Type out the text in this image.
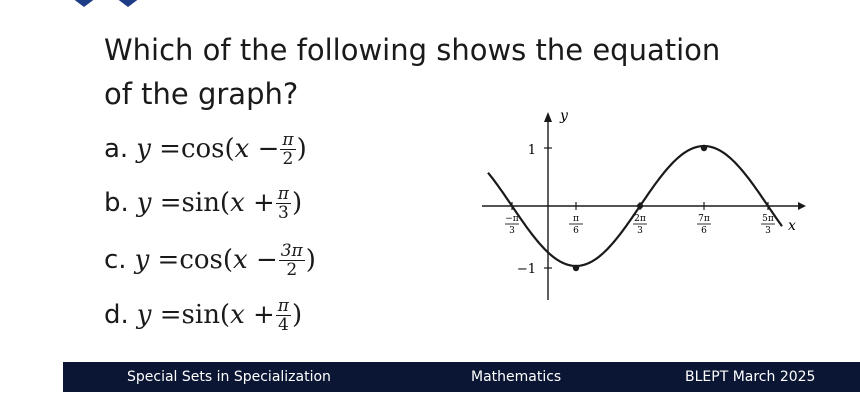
Which of the following shows the equation
of the graph?
a. y = cos( $x - \frac{\pi}{2}$ )
b. y = sin( $x + \frac{\pi}{3}$ )
c. y = cos( $x - \frac{3\pi}{2}$ )
d. y = sin( $x + \frac{\pi}{4}$ )
1
−1
y
x
−π
3
π
6
2π
3
7π
6
5π
3
Special Sets in Specialization	Mathematics	BLEPT March 2025
